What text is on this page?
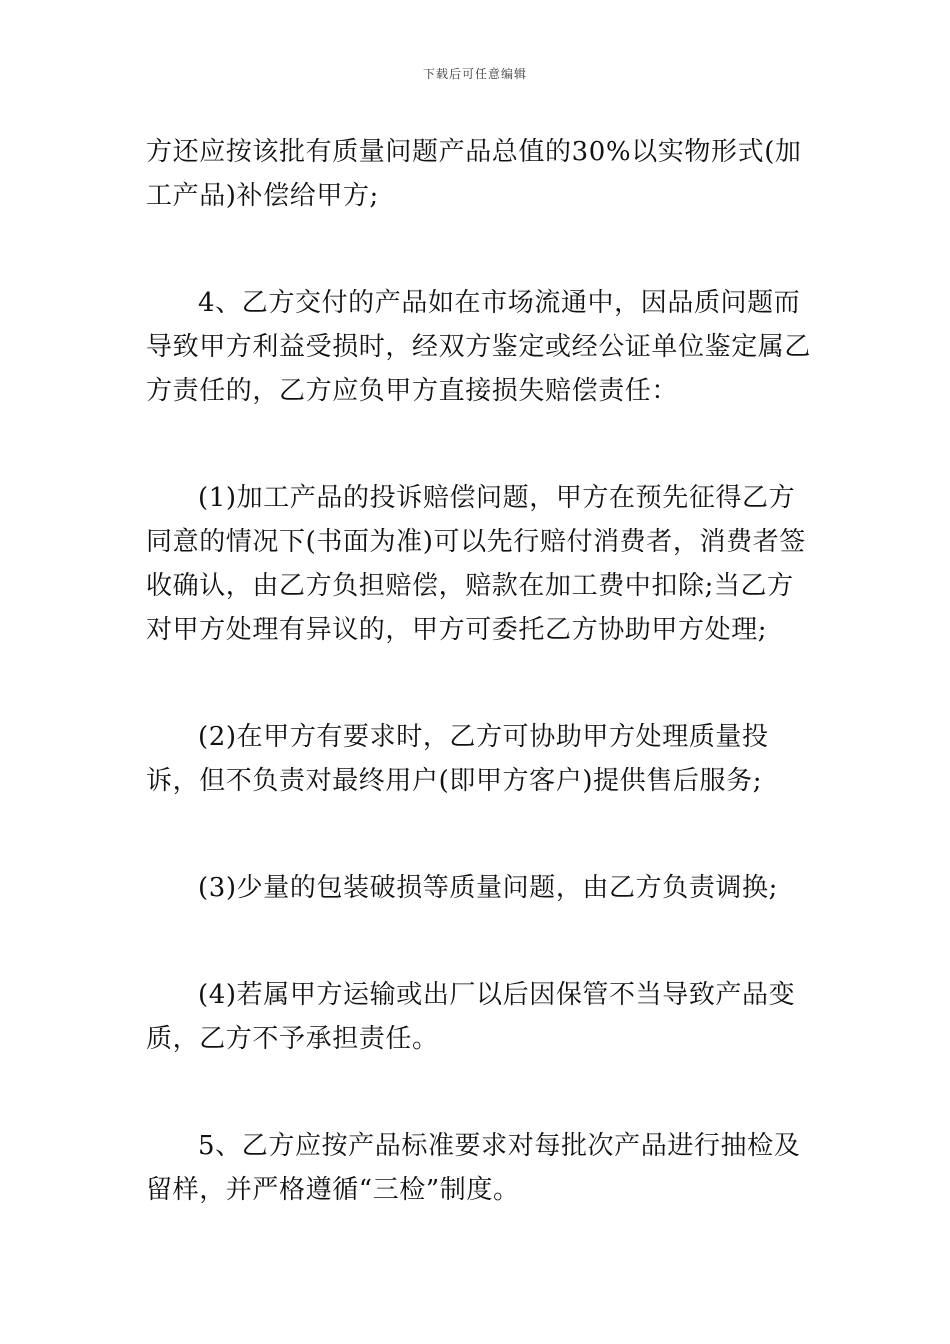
下载后可任意编辑

方还应按该批有质量问题产品总值的30%以实物形式(加工产品)补偿给甲方;

4、乙方交付的产品如在市场流通中，因品质问题而导致甲方利益受损时，经双方鉴定或经公证单位鉴定属乙方责任的，乙方应负甲方直接损失赔偿责任：

(1)加工产品的投诉赔偿问题，甲方在预先征得乙方同意的情况下(书面为准)可以先行赔付消费者，消费者签收确认，由乙方负担赔偿，赔款在加工费中扣除;当乙方对甲方处理有异议的，甲方可委托乙方协助甲方处理;

(2)在甲方有要求时，乙方可协助甲方处理质量投诉，但不负责对最终用户(即甲方客户)提供售后服务;

(3)少量的包装破损等质量问题，由乙方负责调换;

(4)若属甲方运输或出厂以后因保管不当导致产品变质，乙方不予承担责任。

5、乙方应按产品标准要求对每批次产品进行抽检及留样，并严格遵循“三检”制度。
